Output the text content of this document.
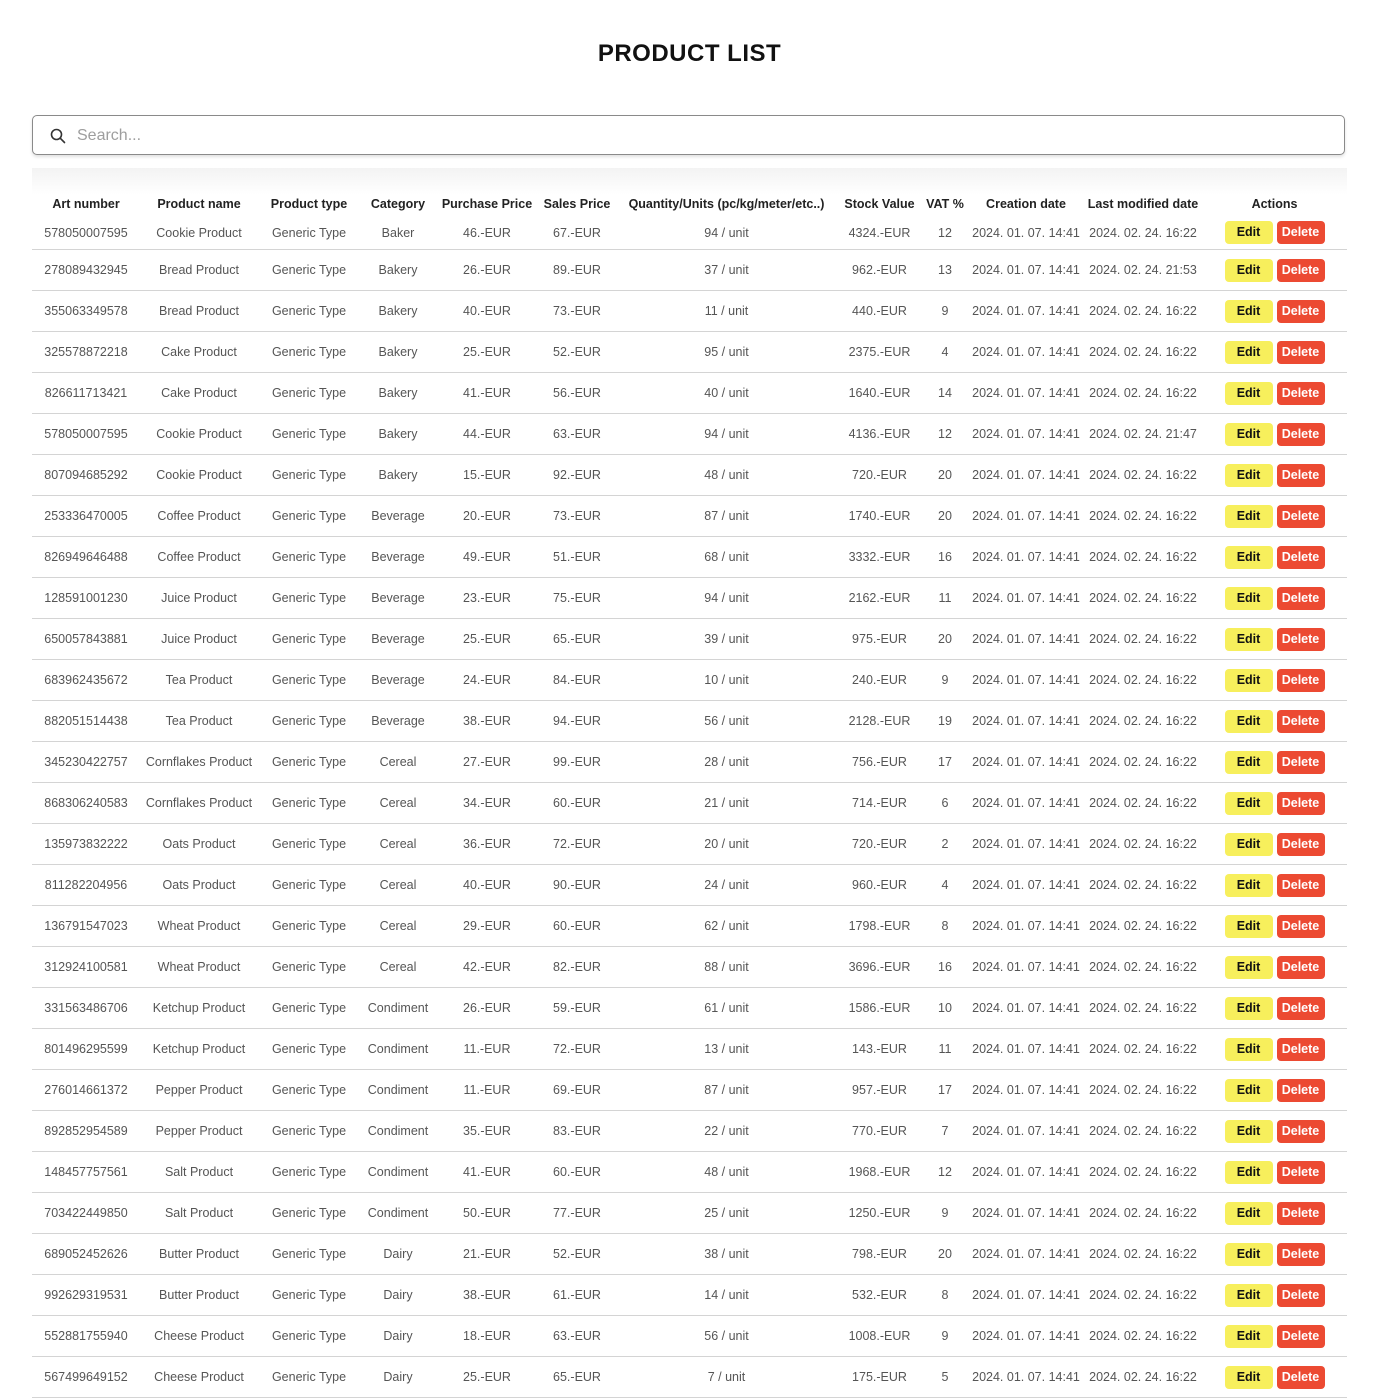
PRODUCT LIST
Search...
Art number	Product name	Product type	Category	Purchase Price	Sales Price	Quantity/Units (pc/kg/meter/etc..)	Stock Value	VAT %	Creation date	Last modified date	Actions
578050007595	Cookie Product	Generic Type	Baker	46.-EUR	67.-EUR	94 / unit	4324.-EUR	12	2024. 01. 07. 14:41	2024. 02. 24. 16:22	Edit Delete
278089432945	Bread Product	Generic Type	Bakery	26.-EUR	89.-EUR	37 / unit	962.-EUR	13	2024. 01. 07. 14:41	2024. 02. 24. 21:53	Edit Delete
355063349578	Bread Product	Generic Type	Bakery	40.-EUR	73.-EUR	11 / unit	440.-EUR	9	2024. 01. 07. 14:41	2024. 02. 24. 16:22	Edit Delete
325578872218	Cake Product	Generic Type	Bakery	25.-EUR	52.-EUR	95 / unit	2375.-EUR	4	2024. 01. 07. 14:41	2024. 02. 24. 16:22	Edit Delete
826611713421	Cake Product	Generic Type	Bakery	41.-EUR	56.-EUR	40 / unit	1640.-EUR	14	2024. 01. 07. 14:41	2024. 02. 24. 16:22	Edit Delete
578050007595	Cookie Product	Generic Type	Bakery	44.-EUR	63.-EUR	94 / unit	4136.-EUR	12	2024. 01. 07. 14:41	2024. 02. 24. 21:47	Edit Delete
807094685292	Cookie Product	Generic Type	Bakery	15.-EUR	92.-EUR	48 / unit	720.-EUR	20	2024. 01. 07. 14:41	2024. 02. 24. 16:22	Edit Delete
253336470005	Coffee Product	Generic Type	Beverage	20.-EUR	73.-EUR	87 / unit	1740.-EUR	20	2024. 01. 07. 14:41	2024. 02. 24. 16:22	Edit Delete
826949646488	Coffee Product	Generic Type	Beverage	49.-EUR	51.-EUR	68 / unit	3332.-EUR	16	2024. 01. 07. 14:41	2024. 02. 24. 16:22	Edit Delete
128591001230	Juice Product	Generic Type	Beverage	23.-EUR	75.-EUR	94 / unit	2162.-EUR	11	2024. 01. 07. 14:41	2024. 02. 24. 16:22	Edit Delete
650057843881	Juice Product	Generic Type	Beverage	25.-EUR	65.-EUR	39 / unit	975.-EUR	20	2024. 01. 07. 14:41	2024. 02. 24. 16:22	Edit Delete
683962435672	Tea Product	Generic Type	Beverage	24.-EUR	84.-EUR	10 / unit	240.-EUR	9	2024. 01. 07. 14:41	2024. 02. 24. 16:22	Edit Delete
882051514438	Tea Product	Generic Type	Beverage	38.-EUR	94.-EUR	56 / unit	2128.-EUR	19	2024. 01. 07. 14:41	2024. 02. 24. 16:22	Edit Delete
345230422757	Cornflakes Product	Generic Type	Cereal	27.-EUR	99.-EUR	28 / unit	756.-EUR	17	2024. 01. 07. 14:41	2024. 02. 24. 16:22	Edit Delete
868306240583	Cornflakes Product	Generic Type	Cereal	34.-EUR	60.-EUR	21 / unit	714.-EUR	6	2024. 01. 07. 14:41	2024. 02. 24. 16:22	Edit Delete
135973832222	Oats Product	Generic Type	Cereal	36.-EUR	72.-EUR	20 / unit	720.-EUR	2	2024. 01. 07. 14:41	2024. 02. 24. 16:22	Edit Delete
811282204956	Oats Product	Generic Type	Cereal	40.-EUR	90.-EUR	24 / unit	960.-EUR	4	2024. 01. 07. 14:41	2024. 02. 24. 16:22	Edit Delete
136791547023	Wheat Product	Generic Type	Cereal	29.-EUR	60.-EUR	62 / unit	1798.-EUR	8	2024. 01. 07. 14:41	2024. 02. 24. 16:22	Edit Delete
312924100581	Wheat Product	Generic Type	Cereal	42.-EUR	82.-EUR	88 / unit	3696.-EUR	16	2024. 01. 07. 14:41	2024. 02. 24. 16:22	Edit Delete
331563486706	Ketchup Product	Generic Type	Condiment	26.-EUR	59.-EUR	61 / unit	1586.-EUR	10	2024. 01. 07. 14:41	2024. 02. 24. 16:22	Edit Delete
801496295599	Ketchup Product	Generic Type	Condiment	11.-EUR	72.-EUR	13 / unit	143.-EUR	11	2024. 01. 07. 14:41	2024. 02. 24. 16:22	Edit Delete
276014661372	Pepper Product	Generic Type	Condiment	11.-EUR	69.-EUR	87 / unit	957.-EUR	17	2024. 01. 07. 14:41	2024. 02. 24. 16:22	Edit Delete
892852954589	Pepper Product	Generic Type	Condiment	35.-EUR	83.-EUR	22 / unit	770.-EUR	7	2024. 01. 07. 14:41	2024. 02. 24. 16:22	Edit Delete
148457757561	Salt Product	Generic Type	Condiment	41.-EUR	60.-EUR	48 / unit	1968.-EUR	12	2024. 01. 07. 14:41	2024. 02. 24. 16:22	Edit Delete
703422449850	Salt Product	Generic Type	Condiment	50.-EUR	77.-EUR	25 / unit	1250.-EUR	9	2024. 01. 07. 14:41	2024. 02. 24. 16:22	Edit Delete
689052452626	Butter Product	Generic Type	Dairy	21.-EUR	52.-EUR	38 / unit	798.-EUR	20	2024. 01. 07. 14:41	2024. 02. 24. 16:22	Edit Delete
992629319531	Butter Product	Generic Type	Dairy	38.-EUR	61.-EUR	14 / unit	532.-EUR	8	2024. 01. 07. 14:41	2024. 02. 24. 16:22	Edit Delete
552881755940	Cheese Product	Generic Type	Dairy	18.-EUR	63.-EUR	56 / unit	1008.-EUR	9	2024. 01. 07. 14:41	2024. 02. 24. 16:22	Edit Delete
567499649152	Cheese Product	Generic Type	Dairy	25.-EUR	65.-EUR	7 / unit	175.-EUR	5	2024. 01. 07. 14:41	2024. 02. 24. 16:22	Edit Delete
